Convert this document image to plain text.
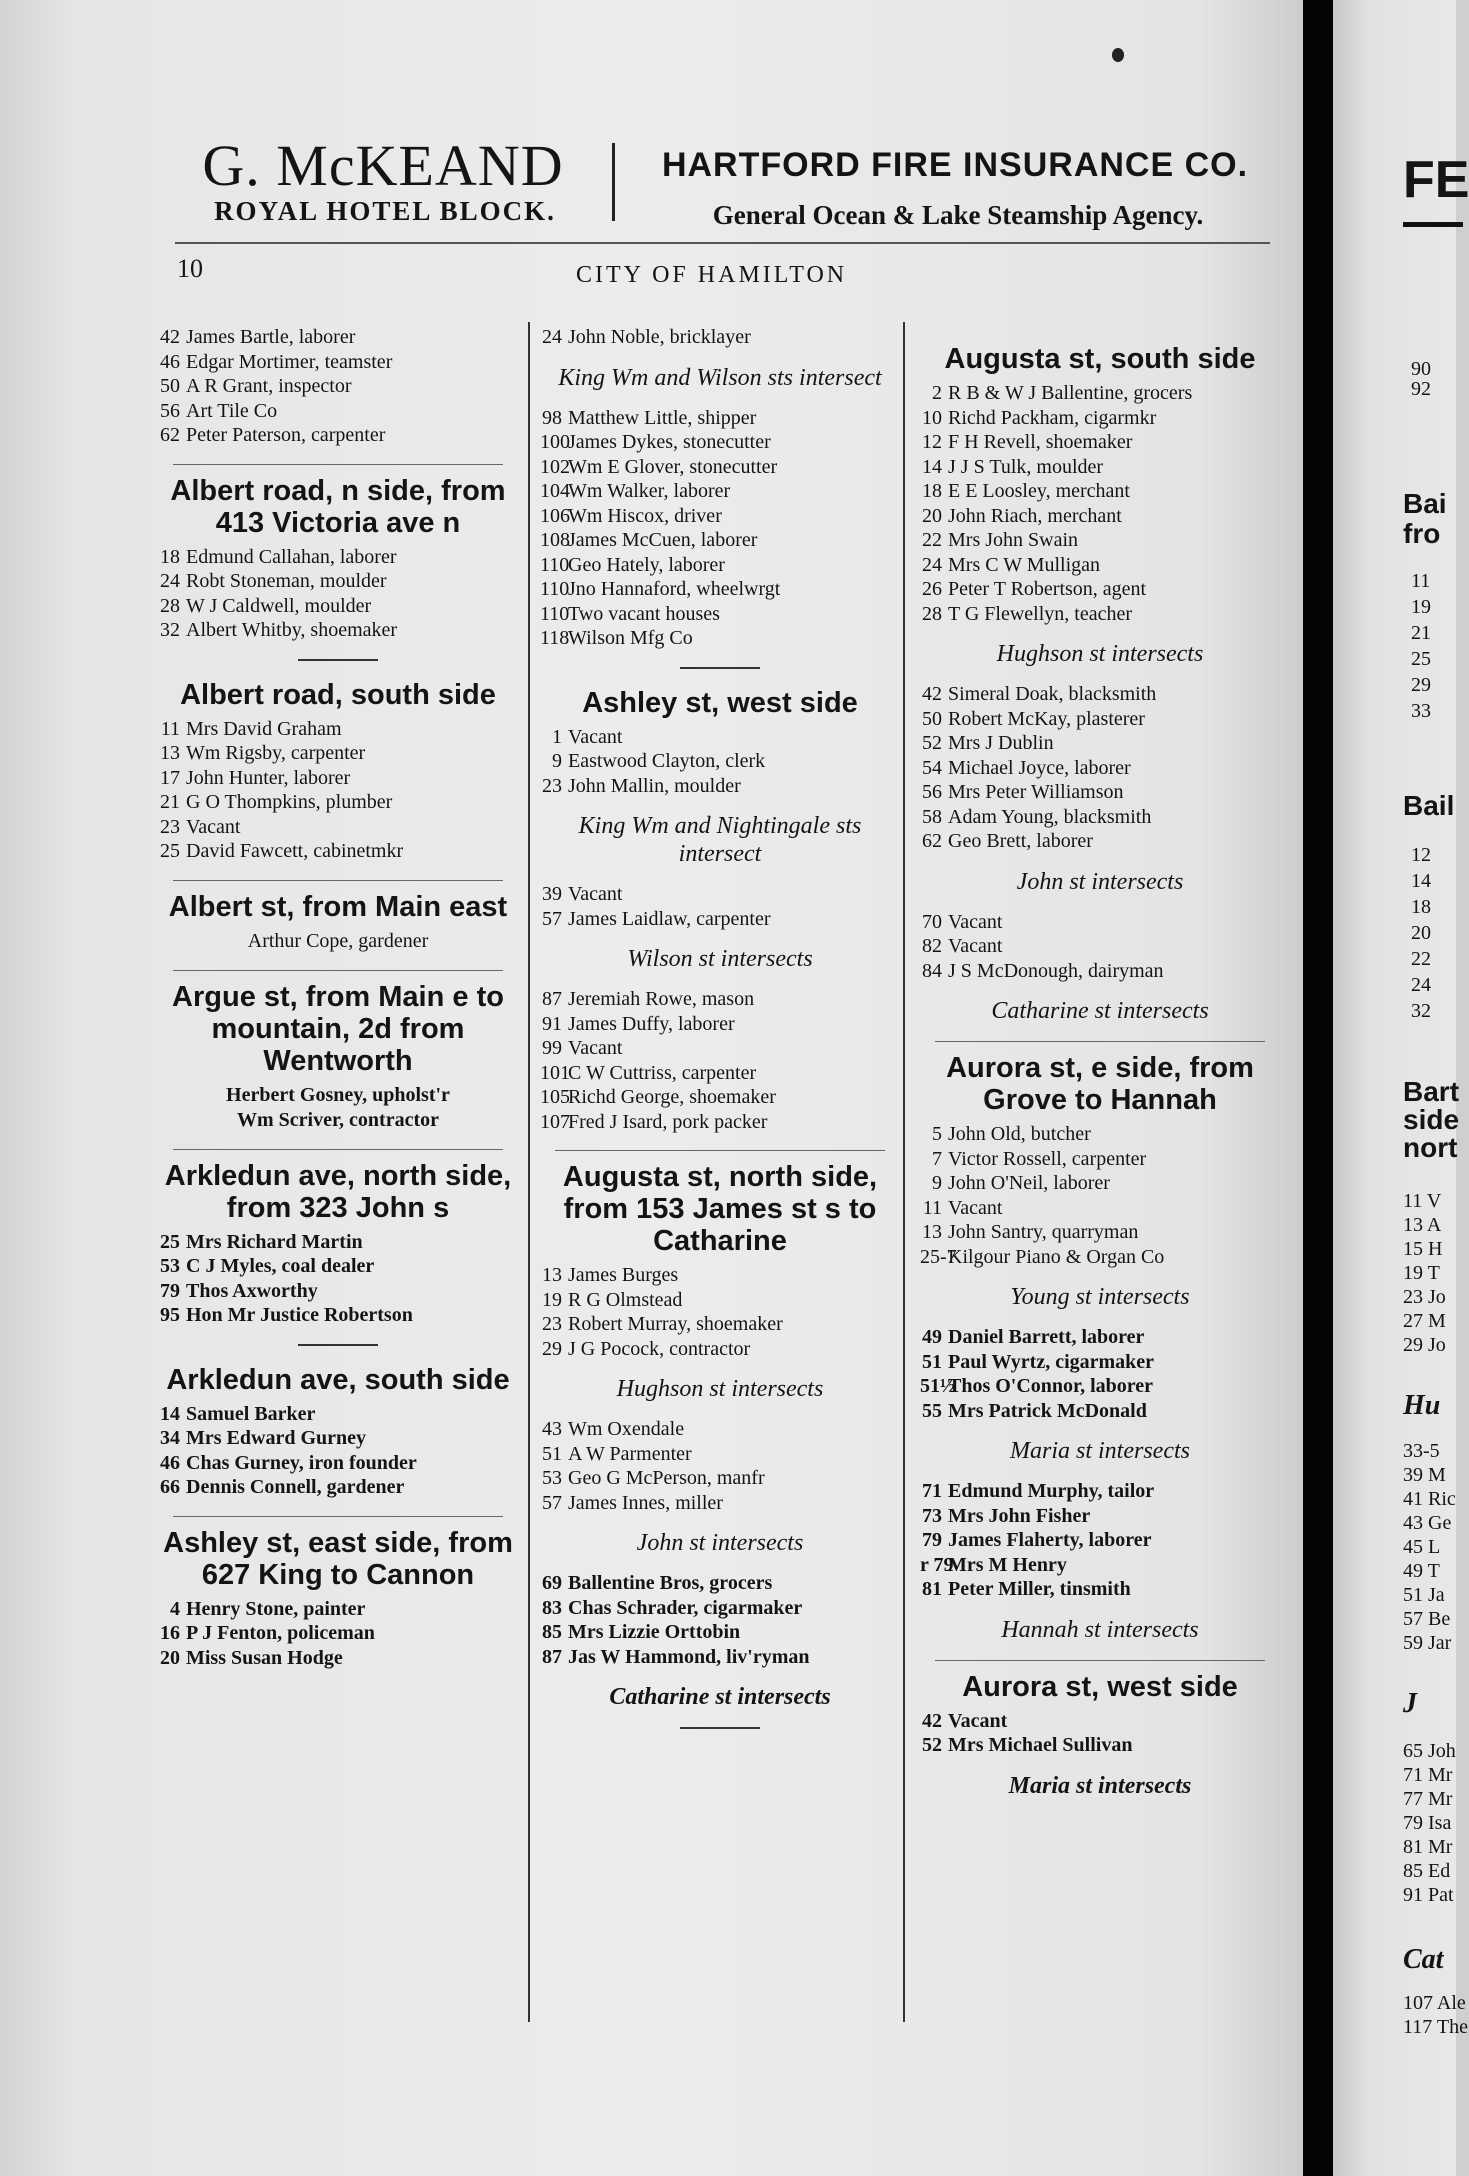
G. McKEAND
ROYAL HOTEL BLOCK.
HARTFORD FIRE INSURANCE CO.
General Ocean & Lake Steamship Agency.
10	CITY OF HAMILTON
42 James Bartle, laborer
46 Edgar Mortimer, teamster
50 A R Grant, inspector
56 Art Tile Co
62 Peter Paterson, carpenter
Albert road, n side, from 413 Victoria ave n
18 Edmund Callahan, laborer
24 Robt Stoneman, moulder
28 W J Caldwell, moulder
32 Albert Whitby, shoemaker
Albert road, south side
11 Mrs David Graham
13 Wm Rigsby, carpenter
17 John Hunter, laborer
21 G O Thompkins, plumber
23 Vacant
25 David Fawcett, cabinetmkr
Albert st, from Main east
Arthur Cope, gardener
Argue st, from Main e to mountain, 2d from Wentworth
Herbert Gosney, upholst'r
Wm Scriver, contractor
Arkledun ave, north side, from 323 John s
25 Mrs Richard Martin
53 C J Myles, coal dealer
79 Thos Axworthy
95 Hon Mr Justice Robertson
Arkledun ave, south side
14 Samuel Barker
34 Mrs Edward Gurney
46 Chas Gurney, iron founder
66 Dennis Connell, gardener
Ashley st, east side, from 627 King to Cannon
4 Henry Stone, painter
16 P J Fenton, policeman
20 Miss Susan Hodge
24 John Noble, bricklayer
King Wm and Wilson sts intersect
98 Matthew Little, shipper
100James Dykes, stonecutter
102Wm E Glover, stonecutter
104Wm Walker, laborer
106Wm Hiscox, driver
108James McCuen, laborer
110Geo Hately, laborer
110Jno Hannaford, wheelwrgt
110Two vacant houses
118Wilson Mfg Co
Ashley st, west side
1 Vacant
9 Eastwood Clayton, clerk
23 John Mallin, moulder
King Wm and Nightingale sts intersect
39 Vacant
57 James Laidlaw, carpenter
Wilson st intersects
87 Jeremiah Rowe, mason
91 James Duffy, laborer
99 Vacant
101C W Cuttriss, carpenter
105Richd George, shoemaker
107Fred J Isard, pork packer
Augusta st, north side, from 153 James st s to Catharine
13 James Burges
19 R G Olmstead
23 Robert Murray, shoemaker
29 J G Pocock, contractor
Hughson st intersects
43 Wm Oxendale
51 A W Parmenter
53 Geo G McPerson, manfr
57 James Innes, miller
John st intersects
69 Ballentine Bros, grocers
83 Chas Schrader, cigarmaker
85 Mrs Lizzie Orttobin
87 Jas W Hammond, liv'ryman
Catharine st intersects
Augusta st, south side
2 R B & W J Ballentine, grocers
10 Richd Packham, cigarmkr
12 F H Revell, shoemaker
14 J J S Tulk, moulder
18 E E Loosley, merchant
20 John Riach, merchant
22 Mrs John Swain
24 Mrs C W Mulligan
26 Peter T Robertson, agent
28 T G Flewellyn, teacher
Hughson st intersects
42 Simeral Doak, blacksmith
50 Robert McKay, plasterer
52 Mrs J Dublin
54 Michael Joyce, laborer
56 Mrs Peter Williamson
58 Adam Young, blacksmith
62 Geo Brett, laborer
John st intersects
70 Vacant
82 Vacant
84 J S McDonough, dairyman
Catharine st intersects
Aurora st, e side, from Grove to Hannah
5 John Old, butcher
7 Victor Rossell, carpenter
9 John O'Neil, laborer
11 Vacant
13 John Santry, quarryman
25-7Kilgour Piano & Organ Co
Young st intersects
49 Daniel Barrett, laborer
51 Paul Wyrtz, cigarmaker
51½Thos O'Connor, laborer
55 Mrs Patrick McDonald
Maria st intersects
71 Edmund Murphy, tailor
73 Mrs John Fisher
79 James Flaherty, laborer
r 79Mrs M Henry
81 Peter Miller, tinsmith
Hannah st intersects
Aurora st, west side
42 Vacant
52 Mrs Michael Sullivan
Maria st intersects
FE
90
92
Bai
fro
11
19
21
25
29
33
Bail
12
14
18
20
22
24
32
Bart
side
nort
11 V
13 A
15 H
19 T
23 Jo
27 M
29 Jo
Hu
33-5
39 M
41 Ric
43 Ge
45 L
49 T
51 Ja
57 Be
59 Jar
J
65 Joh
71 Mr
77 Mr
79 Isa
81 Mr
85 Ed
91 Pat
Cat
107 Ale
117 The
